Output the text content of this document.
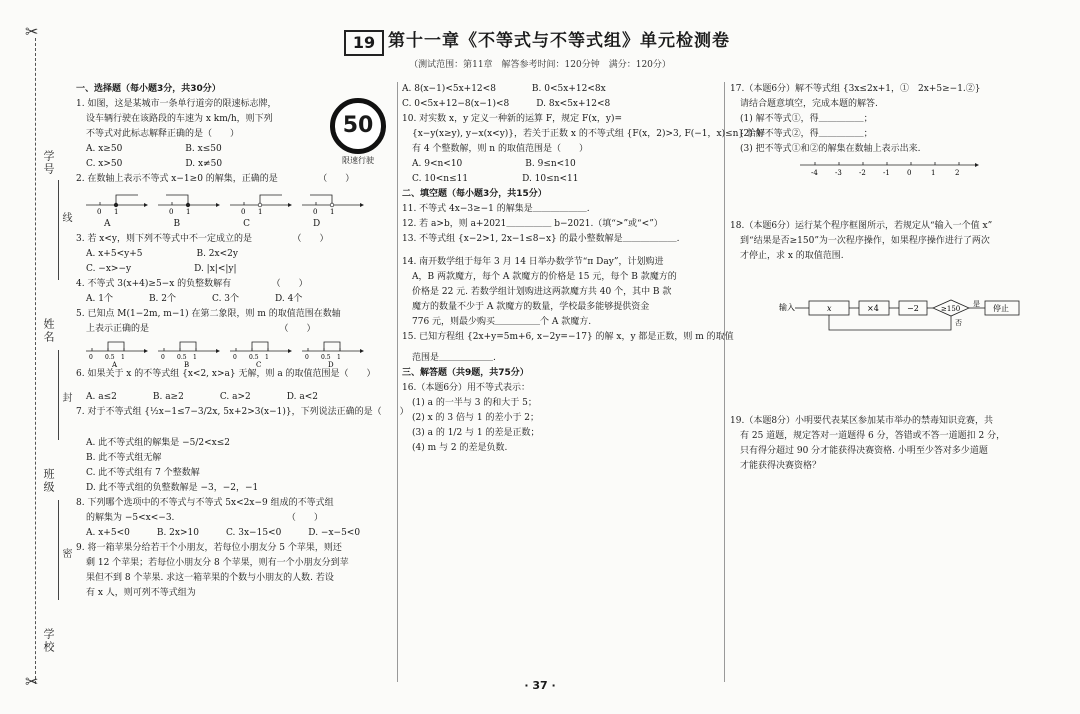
✂
✂
学号
姓名
班级
学校
线
封
密
19 第十一章《不等式与不等式组》单元检测卷
（测试范围：第11章　解答参考时间：120分钟　满分：120分）
一、选择题（每小题3分，共30分）
1. 如图，这是某城市一条单行道旁的限速标志牌，
设车辆行驶在该路段的车速为 x km/h，则下列
不等式对此标志解释正确的是（　　）
A. x≥50　　　　　　　B. x≤50
C. x>50　　　　　　　D. x≠50
2. 在数轴上表示不等式 x−1≥0 的解集，正确的是　　　　　（　　）
0 1	0 1	0 1	0 1
　　A　　　　　　　B　　　　　　　C　　　　　　　D
3. 若 x<y，则下列不等式中不一定成立的是　　　　　（　　）
A. x+5<y+5　　　　　　B. 2x<2y
C. −x>−y　　　　　　　D. |x|<|y|
4. 不等式 3(x+4)≥5−x 的负整数解有　　　　　（　　）
A. 1个　　　　B. 2个　　　　C. 3个　　　　D. 4个
5. 已知点 M(1−2m, m−1) 在第二象限，则 m 的取值范围在数轴
上表示正确的是　　　　　　　　　　　　　　　（　　）
0 0.5 1
A
0 0.5 1
B
0 0.5 1
C
0 0.5 1
D
6. 如果关于 x 的不等式组 {x<2, x>a} 无解，则 a 的取值范围是（　　）
A. a≤2　　　　B. a≥2　　　　C. a>2　　　　D. a<2
7. 对于不等式组 {½x−1≤7−3/2x, 5x+2>3(x−1)}，下列说法正确的是（　　）
A. 此不等式组的解集是 −5/2<x≤2
B. 此不等式组无解
C. 此不等式组有 7 个整数解
D. 此不等式组的负整数解是 −3，−2，−1
8. 下列哪个选项中的不等式与不等式 5x<2x−9 组成的不等式组
的解集为 −5<x<−3.　　　　　　　　　　　　　（　　）
A. x+5<0　　　B. 2x>10　　　C. 3x−15<0　　　D. −x−5<0
9. 将一箱苹果分给若干个小朋友，若每位小朋友分 5 个苹果，则还
剩 12 个苹果；若每位小朋友分 8 个苹果，则有一个小朋友分到苹
果但不到 8 个苹果. 求这一箱苹果的个数与小朋友的人数. 若设
有 x 人，则可列不等式组为
A. 8(x−1)<5x+12<8　　　　B. 0<5x+12<8x
C. 0<5x+12−8(x−1)<8　　　D. 8x<5x+12<8
10. 对实数 x，y 定义一种新的运算 F，规定 F(x，y)=
{x−y(x≥y), y−x(x<y)}，若关于正数 x 的不等式组 {F(x，2)>3, F(−1，x)≤n} 恰好
有 4 个整数解，则 n 的取值范围是（　　）
A. 9<n<10　　　　　　　B. 9≤n<10
C. 10<n≤11　　　　　　D. 10≤n<11
二、填空题（每小题3分，共15分）
11. 不等式 4x−3≥−1 的解集是＿＿＿＿＿＿.
12. 若 a>b，则 a+2021＿＿＿＿＿ b−2021.（填“>”或“<”）
13. 不等式组 {x−2>1, 2x−1≤8−x} 的最小整数解是＿＿＿＿＿＿.
14. 南开数学组于每年 3 月 14 日举办数学节“π Day”，计划购进
A，B 两款魔方，每个 A 款魔方的价格是 15 元，每个 B 款魔方的
价格是 22 元. 若数学组计划购进这两款魔方共 40 个，其中 B 款
魔方的数量不少于 A 款魔方的数量，学校最多能够提供资金
776 元，则最少购买＿＿＿＿＿个 A 款魔方.
15. 已知方程组 {2x+y=5m+6, x−2y=−17} 的解 x，y 都是正数，则 m 的取值
范围是＿＿＿＿＿＿.
三、解答题（共9题，共75分）
16.（本题6分）用不等式表示：
(1) a 的一半与 3 的和大于 5；
(2) x 的 3 倍与 1 的差小于 2；
(3) a 的 1/2 与 1 的差是正数；
(4) m 与 2 的差是负数.
17.（本题6分）解不等式组 {3x≤2x+1，①　2x+5≥−1.②}
请结合题意填空，完成本题的解答.
(1) 解不等式①，得＿＿＿＿＿；
(2) 解不等式②，得＿＿＿＿＿；
(3) 把不等式①和②的解集在数轴上表示出来.
-4 -3 -2 -1 0	1	2
18.（本题6分）运行某个程序框图所示，若规定从“输入一个值 x”
到“结果是否≥150”为一次程序操作，如果程序操作进行了两次
才停止，求 x 的取值范围.
19.（本题8分）小明要代表某区参加某市举办的禁毒知识竞赛，共
有 25 道题，规定答对一道题得 6 分，答错或不答一道题扣 2 分，
只有得分超过 90 分才能获得决赛资格. 小明至少答对多少道题
才能获得决赛资格？
50
限速行驶
输入	x	×4	−2	≥150
是 停止
否
· 37 ·
